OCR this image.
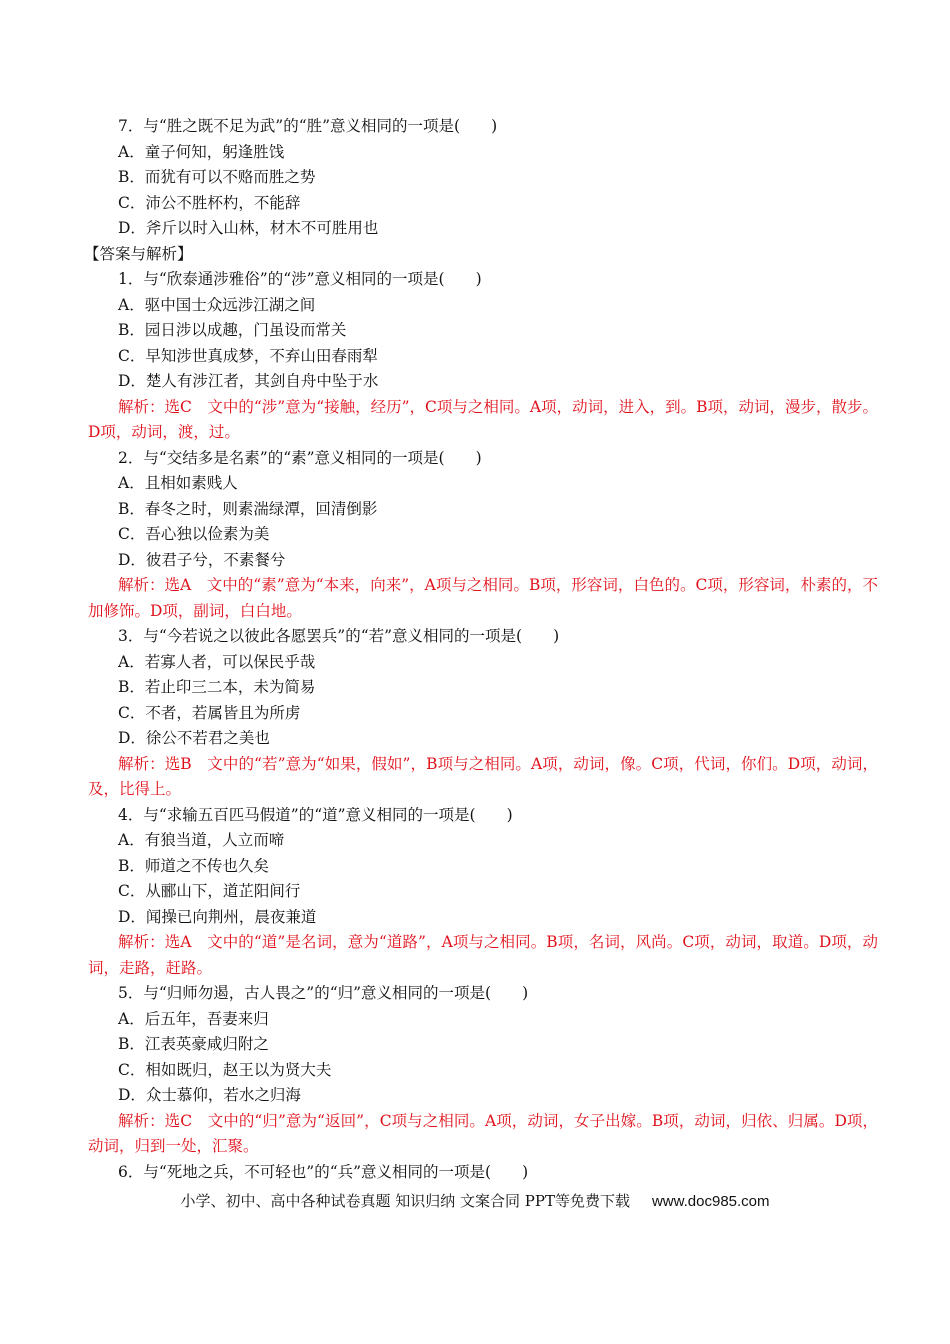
7．与“胜之既不足为武”的“胜”意义相同的一项是(　　)
A．童子何知，躬逢胜饯
B．而犹有可以不赂而胜之势
C．沛公不胜杯杓，不能辞
D．斧斤以时入山林，材木不可胜用也
【答案与解析】
1．与“欣泰通涉雅俗”的“涉”意义相同的一项是(　　)
A．驱中国士众远涉江湖之间
B．园日涉以成趣，门虽设而常关
C．早知涉世真成梦，不弃山田春雨犁
D．楚人有涉江者，其剑自舟中坠于水
解析：选C　文中的“涉”意为“接触，经历”，C项与之相同。A项，动词，进入，到。B项，动词，漫步，散步。D项，动词，渡，过。
2．与“交结多是名素”的“素”意义相同的一项是(　　)
A．且相如素贱人
B．春冬之时，则素湍绿潭，回清倒影
C．吾心独以俭素为美
D．彼君子兮，不素餐兮
解析：选A　文中的“素”意为“本来，向来”，A项与之相同。B项，形容词，白色的。C项，形容词，朴素的，不加修饰。D项，副词，白白地。
3．与“今若说之以彼此各愿罢兵”的“若”意义相同的一项是(　　)
A．若寡人者，可以保民乎哉
B．若止印三二本，未为简易
C．不者，若属皆且为所虏
D．徐公不若君之美也
解析：选B　文中的“若”意为“如果，假如”，B项与之相同。A项，动词，像。C项，代词，你们。D项，动词，及，比得上。
4．与“求输五百匹马假道”的“道”意义相同的一项是(　　)
A．有狼当道，人立而啼
B．师道之不传也久矣
C．从郦山下，道芷阳间行
D．闻操已向荆州，晨夜兼道
解析：选A　文中的“道”是名词，意为“道路”，A项与之相同。B项，名词，风尚。C项，动词，取道。D项，动词，走路，赶路。
5．与“归师勿遏，古人畏之”的“归”意义相同的一项是(　　)
A．后五年，吾妻来归
B．江表英豪咸归附之
C．相如既归，赵王以为贤大夫
D．众士慕仰，若水之归海
解析：选C　文中的“归”意为“返回”，C项与之相同。A项，动词，女子出嫁。B项，动词，归依、归属。D项，动词，归到一处，汇聚。
6．与“死地之兵，不可轻也”的“兵”意义相同的一项是(　　)
小学、初中、高中各种试卷真题 知识归纳 文案合同 PPT等免费下载 www.doc985.com
